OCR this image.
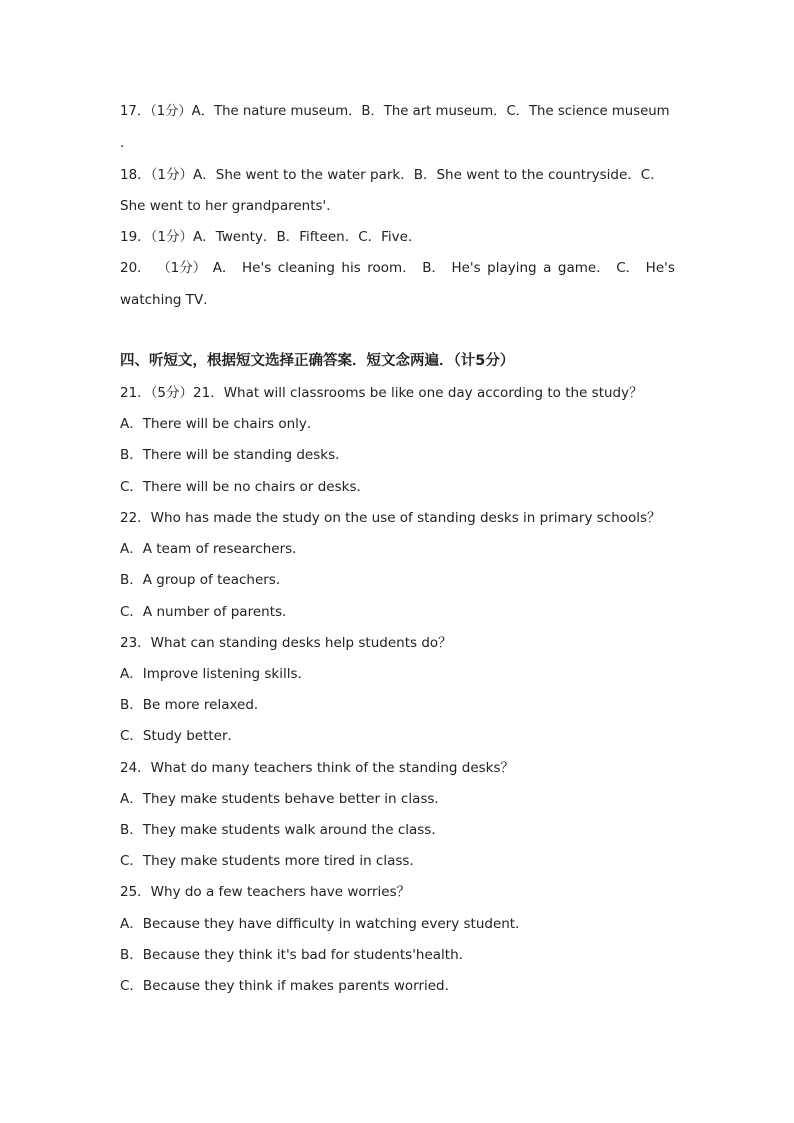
17．（1分）A．The nature museum．B．The art museum．C．The science museum
．
18．（1分）A．She went to the water park．B．She went to the countryside．C．
She went to her grandparents'．
19．（1分）A．Twenty．B．Fifteen．C．Five．
20． （1分） A． He's cleaning his room． B． He's playing a game． C． He's
watching TV．
四、听短文，根据短文选择正确答案．短文念两遍．（计5分）
21．（5分）21．What will classrooms be like one day according to the study？
A．There will be chairs only．
B．There will be standing desks．
C．There will be no chairs or desks．
22．Who has made the study on the use of standing desks in primary schools？
A．A team of researchers．
B．A group of teachers．
C．A number of parents．
23．What can standing desks help students do？
A．Improve listening skills．
B．Be more relaxed．
C．Study better．
24．What do many teachers think of the standing desks？
A．They make students behave better in class．
B．They make students walk around the class．
C．They make students more tired in class．
25．Why do a few teachers have worries？
A．Because they have difficulty in watching every student．
B．Because they think it's bad for students'health．
C．Because they think if makes parents worried．
